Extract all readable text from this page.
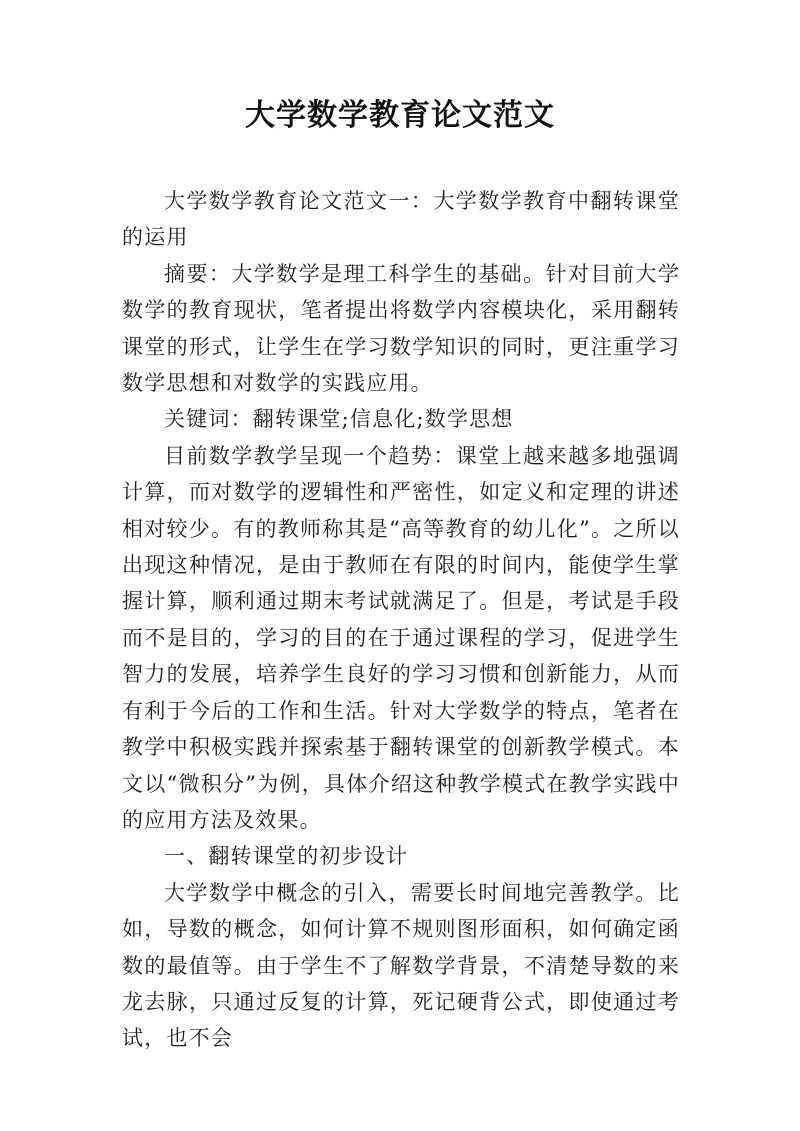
大学数学教育论文范文

大学数学教育论文范文一：大学数学教育中翻转课堂的运用

摘要：大学数学是理工科学生的基础。针对目前大学数学的教育现状，笔者提出将数学内容模块化，采用翻转课堂的形式，让学生在学习数学知识的同时，更注重学习数学思想和对数学的实践应用。

关键词：翻转课堂;信息化;数学思想

目前数学教学呈现一个趋势：课堂上越来越多地强调计算，而对数学的逻辑性和严密性，如定义和定理的讲述相对较少。有的教师称其是“高等教育的幼儿化”。之所以出现这种情况，是由于教师在有限的时间内，能使学生掌握计算，顺利通过期末考试就满足了。但是，考试是手段而不是目的，学习的目的在于通过课程的学习，促进学生智力的发展，培养学生良好的学习习惯和创新能力，从而有利于今后的工作和生活。针对大学数学的特点，笔者在教学中积极实践并探索基于翻转课堂的创新教学模式。本文以“微积分”为例，具体介绍这种教学模式在教学实践中的应用方法及效果。

一、翻转课堂的初步设计

大学数学中概念的引入，需要长时间地完善教学。比如，导数的概念，如何计算不规则图形面积，如何确定函数的最值等。由于学生不了解数学背景，不清楚导数的来龙去脉，只通过反复的计算，死记硬背公式，即使通过考试，也不会
